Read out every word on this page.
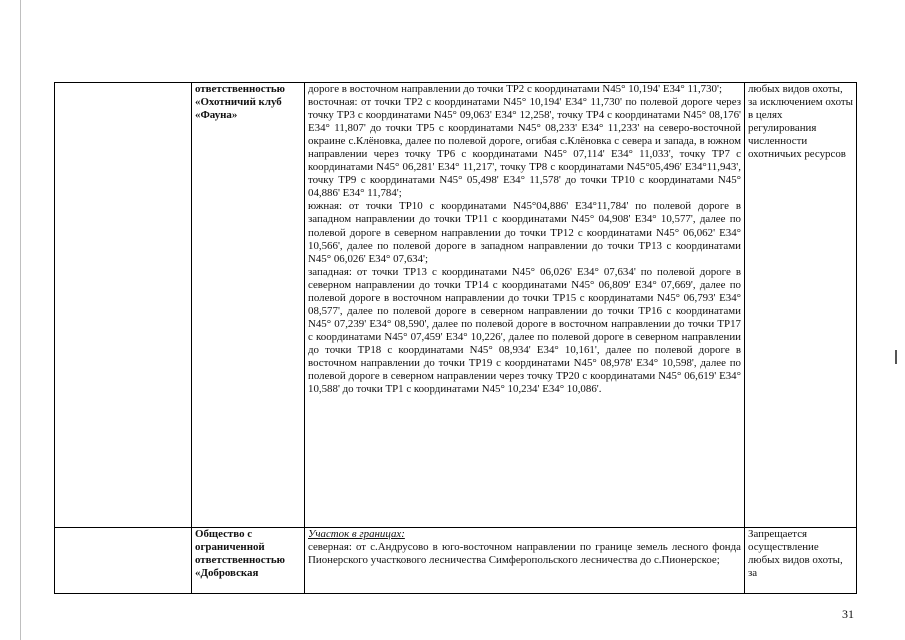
	ответственностью «Охотничий клуб «Фауна»	дороге в восточном направлении до точки ТР2 с координатами N45° 10,194' E34° 11,730';

восточная: от точки ТР2 с координатами N45° 10,194' E34° 11,730' по полевой дороге через точку ТР3 с координатами N45° 09,063' E34° 12,258', точку ТР4 с координатами N45° 08,176' E34° 11,807' до точки ТР5 с координатами N45° 08,233' E34° 11,233' на северо-восточной окраине с.Клёновка, далее по полевой дороге, огибая с.Клёновка с севера и запада, в южном направлении через точку ТР6 с координатами N45° 07,114' E34° 11,033', точку ТР7 с координатами N45° 06,281' E34° 11,217', точку ТР8 с координатами N45°05,496' E34°11,943', точку ТР9 с координатами N45° 05,498' E34° 11,578' до точки ТР10 с координатами N45° 04,886' E34° 11,784';

южная: от точки ТР10 с координатами N45°04,886' E34°11,784' по полевой дороге в западном направлении до точки ТР11 с координатами N45° 04,908' E34° 10,577', далее по полевой дороге в северном направлении до точки ТР12 с координатами N45° 06,062' E34° 10,566', далее по полевой дороге в западном направлении до точки ТР13 с координатами N45° 06,026' E34° 07,634';

западная: от точки ТР13 с координатами N45° 06,026' E34° 07,634' по полевой дороге в северном направлении до точки ТР14 с координатами N45° 06,809' E34° 07,669', далее по полевой дороге в восточном направлении до точки ТР15 с координатами N45° 06,793' E34° 08,577', далее по полевой дороге в северном направлении до точки ТР16 с координатами N45° 07,239' E34° 08,590', далее по полевой дороге в восточном направлении до точки ТР17 с координатами N45° 07,459' E34° 10,226', далее по полевой дороге в северном направлении до точки ТР18 с координатами N45° 08,934' E34° 10,161', далее по полевой дороге в восточном направлении до точки ТР19 с координатами N45° 08,978' E34° 10,598', далее по полевой дороге в северном направлении через точку ТР20 с координатами N45° 06,619' E34° 10,588' до точки ТР1 с координатами N45° 10,234' E34° 10,086'.	любых видов охоты, за исключением охоты в целях регулирования численности охотничьих ресурсов
	Общество с ограниченной ответственностью «Добровская	Участок в границах:

северная: от с.Андрусово в юго-восточном направлении по границе земель лесного фонда Пионерского участкового лесничества Симферопольского лесничества до с.Пионерское;	Запрещается осуществление любых видов охоты, за
31
